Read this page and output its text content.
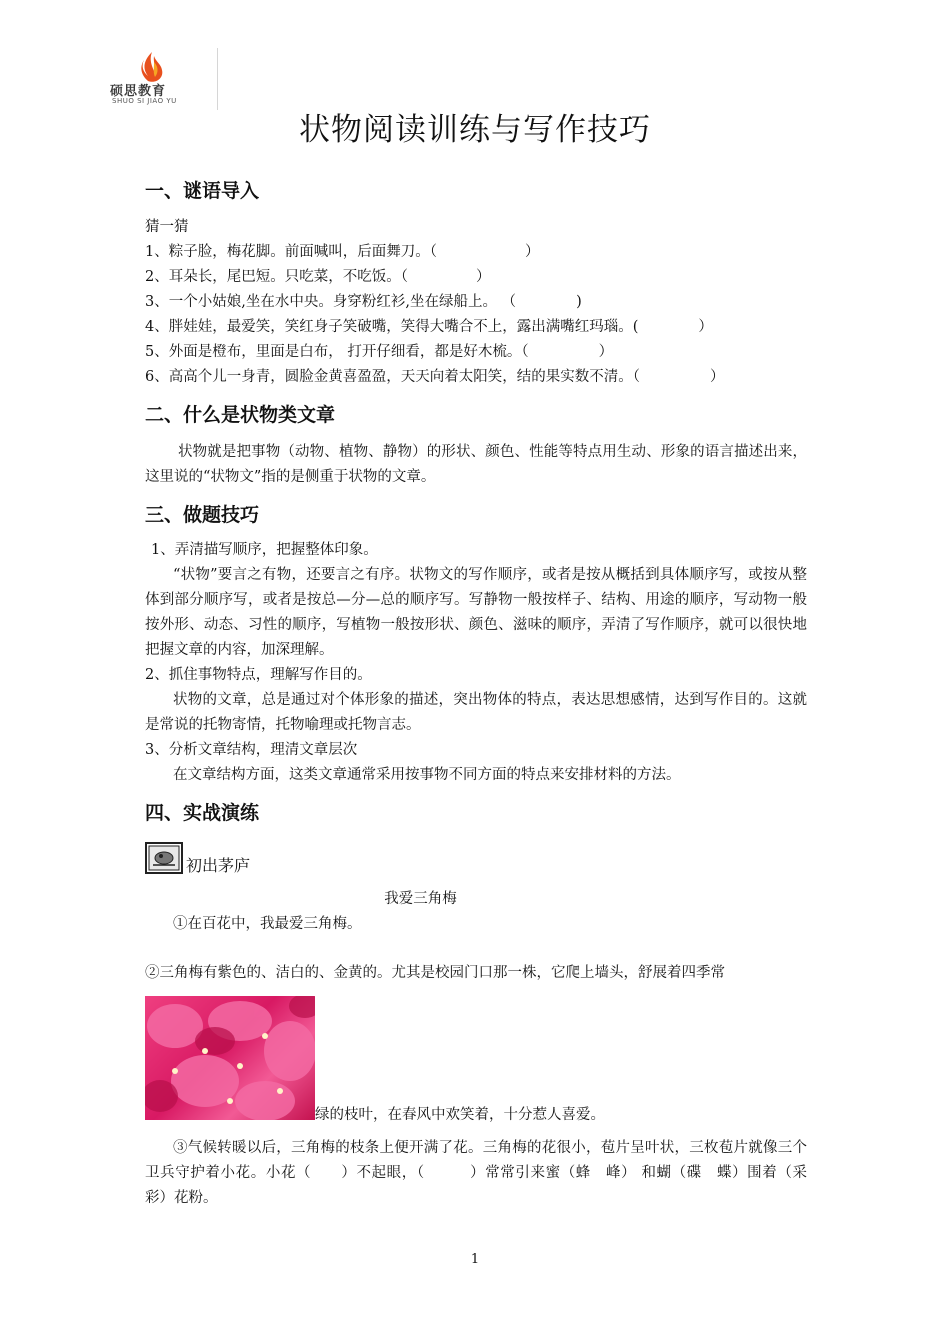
硕思教育
SHUO SI JIAO YU
状物阅读训练与写作技巧
一、谜语导入
猜一猜
1、粽子脸，梅花脚。前面喊叫，后面舞刀。（	）
2、耳朵长，尾巴短。只吃菜，不吃饭。（	）
3、一个小姑娘,坐在水中央。身穿粉红衫,坐在绿船上。 （	)
4、胖娃娃，最爱笑，笑红身子笑破嘴，笑得大嘴合不上，露出满嘴红玛瑙。(	）
5、外面是橙布，里面是白布， 打开仔细看，都是好木梳。（	）
6、高高个儿一身青，圆脸金黄喜盈盈，天天向着太阳笑，结的果实数不清。（	）
二、什么是状物类文章

状物就是把事物（动物、植物、静物）的形状、颜色、性能等特点用生动、形象的语言描述出来，这里说的“状物文”指的是侧重于状物的文章。

三、做题技巧
1、弄清描写顺序，把握整体印象。

“状物”要言之有物，还要言之有序。状物文的写作顺序，或者是按从概括到具体顺序写，或按从整体到部分顺序写，或者是按总—分—总的顺序写。写静物一般按样子、结构、用途的顺序，写动物一般按外形、动态、习性的顺序，写植物一般按形状、颜色、滋味的顺序，弄清了写作顺序，就可以很快地把握文章的内容，加深理解。

2、抓住事物特点，理解写作目的。

状物的文章，总是通过对个体形象的描述，突出物体的特点，表达思想感情，达到写作目的。这就是常说的托物寄情，托物喻理或托物言志。

3、分析文章结构，理清文章层次
在文章结构方面，这类文章通常采用按事物不同方面的特点来安排材料的方法。
四、实战演练
初出茅庐
我爱三角梅
①在百花中，我最爱三角梅。
②三角梅有紫色的、洁白的、金黄的。尤其是校园门口那一株，它爬上墙头，舒展着四季常
绿的枝叶，在春风中欢笑着，十分惹人喜爱。

③气候转暖以后，三角梅的枝条上便开满了花。三角梅的花很小，苞片呈叶状，三枚苞片就像三个卫兵守护着小花。小花（　　）不起眼，（　　　）常常引来蜜（蜂　峰） 和蝴（碟　蝶）围着（采　彩）花粉。

1
